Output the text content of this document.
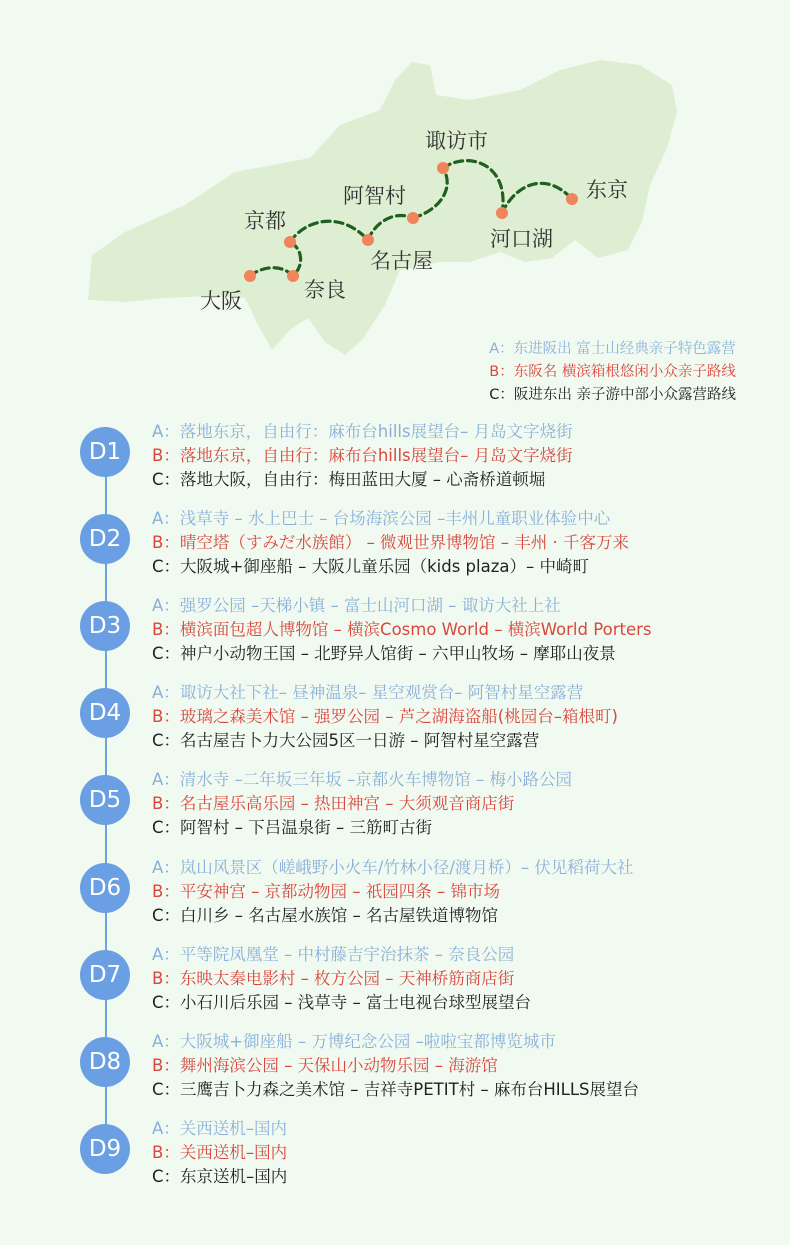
大阪	奈良
京都
名古屋
阿智村
诹访市
河口湖
东京
A：东进阪出 富士山经典亲子特色露营
B：东阪名 横滨箱根悠闲小众亲子路线
C：阪进东出 亲子游中部小众露营路线
D1
A：落地东京，自由行：麻布台hills展望台– 月岛文字烧街
B：落地东京，自由行：麻布台hills展望台– 月岛文字烧街
C：落地大阪，自由行：梅田蓝田大厦 – 心斋桥道顿堀
D2
A：浅草寺 – 水上巴士 – 台场海滨公园 –丰州儿童职业体验中心
B：晴空塔（すみだ水族館） – 微观世界博物馆 – 丰州 · 千客万来
C：大阪城+御座船 – 大阪儿童乐园（kids plaza）– 中崎町
D3
A：强罗公园 –天梯小镇 – 富士山河口湖 – 诹访大社上社
B：横滨面包超人博物馆 – 横滨Cosmo World – 横滨World Porters
C：神户小动物王国 – 北野异人馆街 – 六甲山牧场 – 摩耶山夜景
D4
A：诹访大社下社– 昼神温泉– 星空观赏台– 阿智村星空露营
B：玻璃之森美术馆 – 强罗公园 – 芦之湖海盗船(桃园台–箱根町)
C：名古屋吉卜力大公园5区一日游 – 阿智村星空露营
D5
A：清水寺 –二年坂三年坂 –京都火车博物馆 – 梅小路公园
B：名古屋乐高乐园 – 热田神宫 – 大须观音商店街
C：阿智村 – 下吕温泉街 – 三筋町古街
D6
A：岚山风景区（嵯峨野小火车/竹林小径/渡月桥）– 伏见稻荷大社
B：平安神宫 – 京都动物园 – 祇园四条 – 锦市场
C：白川乡 – 名古屋水族馆 – 名古屋铁道博物馆
D7
A：平等院凤凰堂 – 中村藤吉宇治抹茶 – 奈良公园
B：东映太秦电影村 – 枚方公园 – 天神桥筋商店街
C：小石川后乐园 – 浅草寺 – 富士电视台球型展望台
D8
A：大阪城+御座船 – 万博纪念公园 –啦啦宝都博览城市
B：舞州海滨公园 – 天保山小动物乐园 – 海游馆
C：三鹰吉卜力森之美术馆 – 吉祥寺PETIT村 – 麻布台HILLS展望台
D9
A：关西送机–国内
B：关西送机–国内
C：东京送机–国内
